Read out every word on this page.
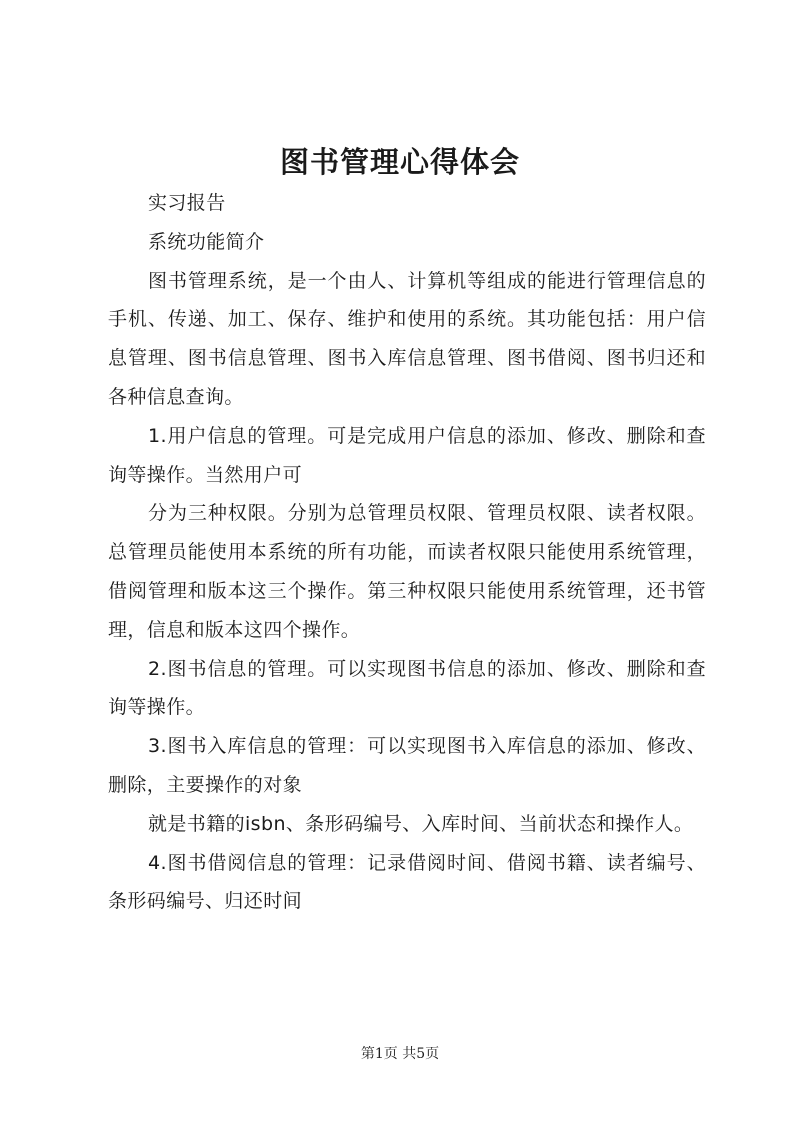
图书管理心得体会

实习报告

系统功能简介

图书管理系统，是一个由人、计算机等组成的能进行管理信息的手机、传递、加工、保存、维护和使用的系统。其功能包括：用户信息管理、图书信息管理、图书入库信息管理、图书借阅、图书归还和各种信息查询。

1.用户信息的管理。可是完成用户信息的添加、修改、删除和查询等操作。当然用户可

分为三种权限。分别为总管理员权限、管理员权限、读者权限。总管理员能使用本系统的所有功能，而读者权限只能使用系统管理，借阅管理和版本这三个操作。第三种权限只能使用系统管理，还书管理，信息和版本这四个操作。

2.图书信息的管理。可以实现图书信息的添加、修改、删除和查询等操作。

3.图书入库信息的管理：可以实现图书入库信息的添加、修改、删除，主要操作的对象

就是书籍的isbn、条形码编号、入库时间、当前状态和操作人。

4.图书借阅信息的管理：记录借阅时间、借阅书籍、读者编号、条形码编号、归还时间

第1页 共5页
